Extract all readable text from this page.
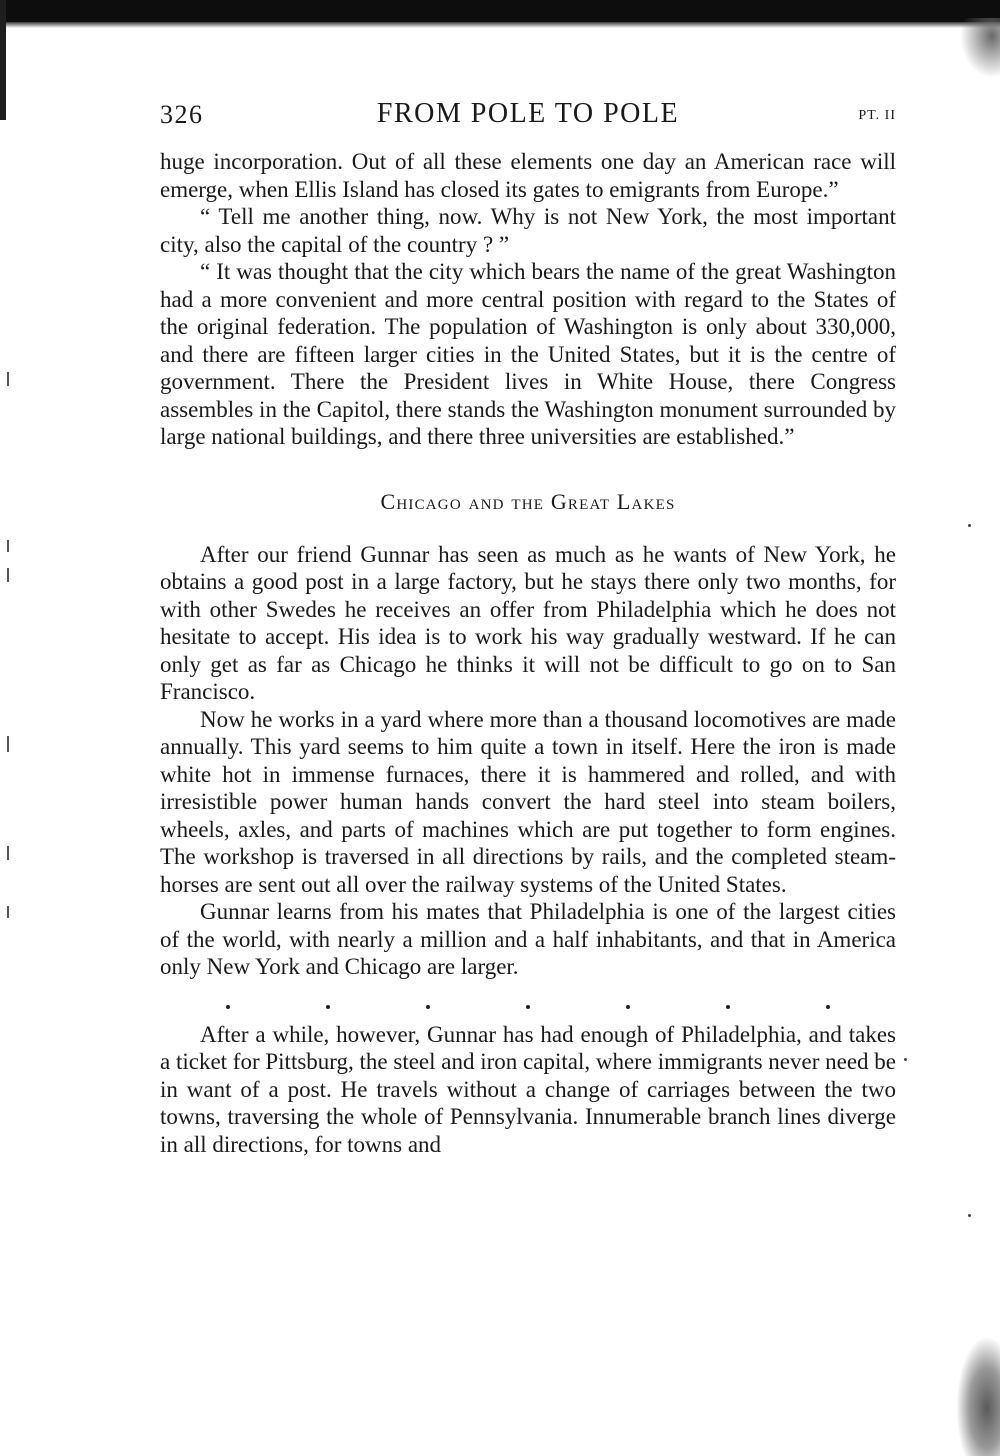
326	FROM POLE TO POLE	PT. II

huge incorporation. Out of all these elements one day an American race will emerge, when Ellis Island has closed its gates to emigrants from Europe.”

“ Tell me another thing, now. Why is not New York, the most important city, also the capital of the country ? ”

“ It was thought that the city which bears the name of the great Washington had a more convenient and more central position with regard to the States of the original federation. The population of Washington is only about 330,000, and there are fifteen larger cities in the United States, but it is the centre of government. There the President lives in White House, there Congress assembles in the Capitol, there stands the Washington monument surrounded by large national buildings, and there three universities are established.”

Chicago and the Great Lakes

After our friend Gunnar has seen as much as he wants of New York, he obtains a good post in a large factory, but he stays there only two months, for with other Swedes he receives an offer from Philadelphia which he does not hesitate to accept. His idea is to work his way gradually westward. If he can only get as far as Chicago he thinks it will not be difficult to go on to San Francisco.

Now he works in a yard where more than a thousand locomotives are made annually. This yard seems to him quite a town in itself. Here the iron is made white hot in immense furnaces, there it is hammered and rolled, and with irresistible power human hands convert the hard steel into steam boilers, wheels, axles, and parts of machines which are put together to form engines. The workshop is traversed in all directions by rails, and the completed steam-horses are sent out all over the railway systems of the United States.

Gunnar learns from his mates that Philadelphia is one of the largest cities of the world, with nearly a million and a half inhabitants, and that in America only New York and Chicago are larger.

After a while, however, Gunnar has had enough of Philadelphia, and takes a ticket for Pittsburg, the steel and iron capital, where immigrants never need be in want of a post. He travels without a change of carriages between the two towns, traversing the whole of Pennsylvania. Innumerable branch lines diverge in all directions, for towns and
